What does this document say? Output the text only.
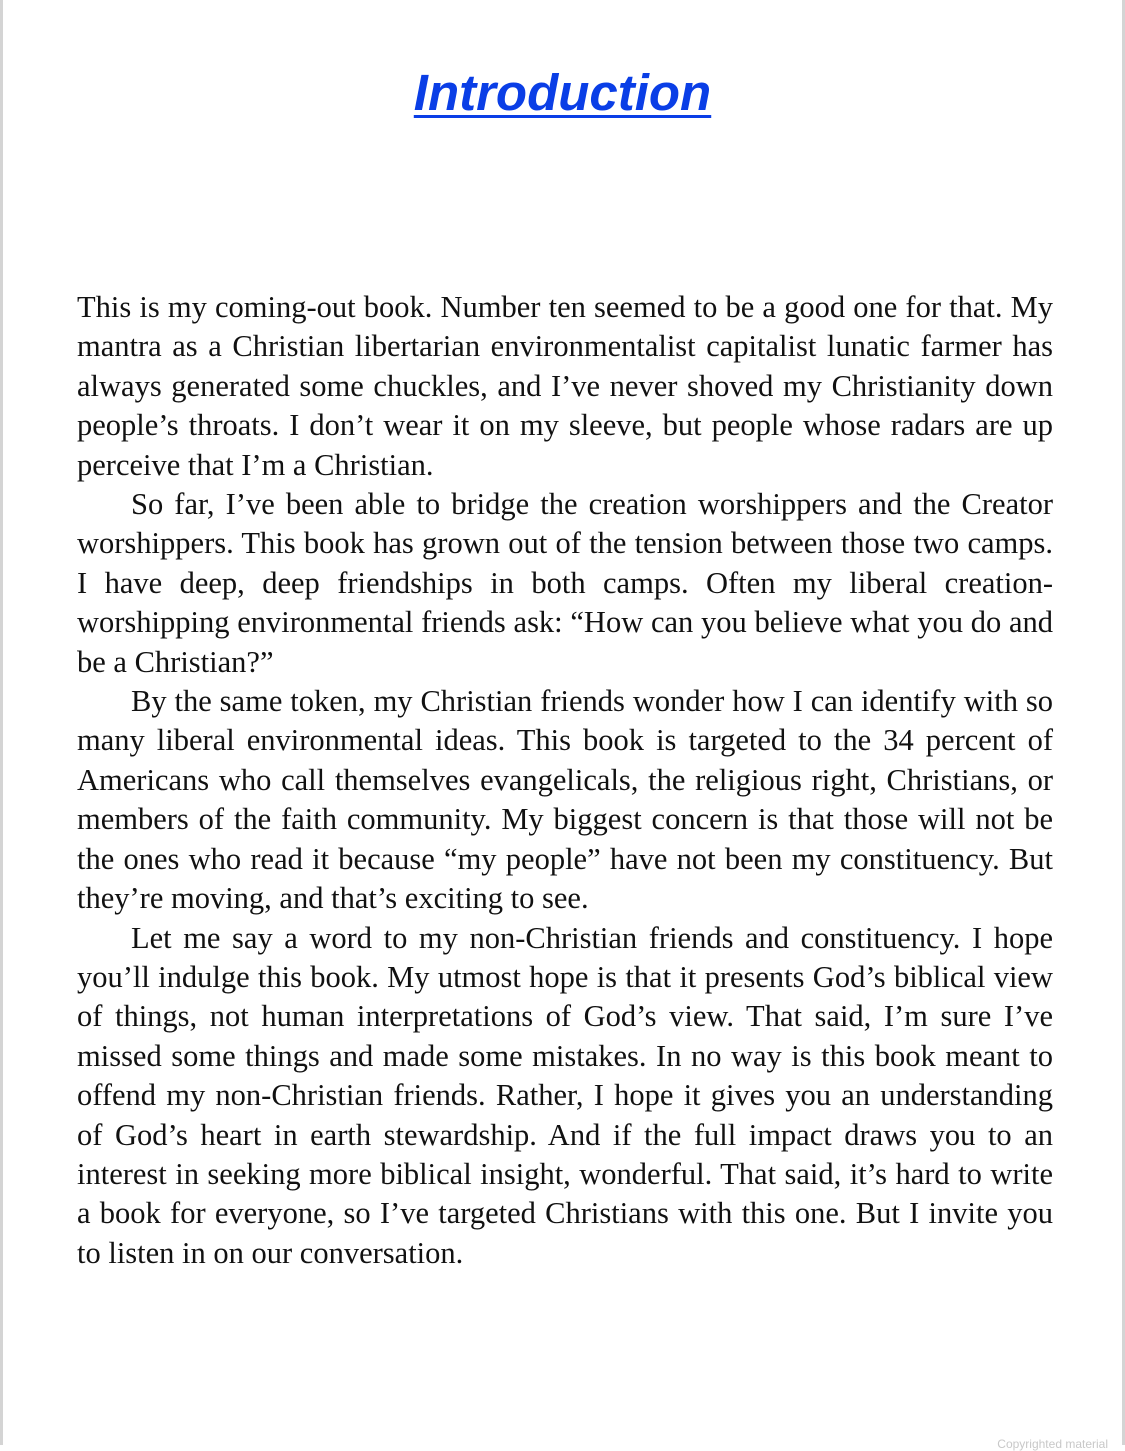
Introduction

This is my coming-out book. Number ten seemed to be a good one for that. My mantra as a Christian libertarian environmentalist capitalist lunatic farmer has always generated some chuckles, and I’ve never shoved my Christianity down people’s throats. I don’t wear it on my sleeve, but people whose radars are up perceive that I’m a Christian.

So far, I’ve been able to bridge the creation worshippers and the Creator worshippers. This book has grown out of the tension between those two camps. I have deep, deep friendships in both camps. Often my liberal creation-worshipping environmental friends ask: “How can you believe what you do and be a Christian?”

By the same token, my Christian friends wonder how I can identify with so many liberal environmental ideas. This book is targeted to the 34 percent of Americans who call themselves evangelicals, the religious right, Christians, or members of the faith community. My biggest concern is that those will not be the ones who read it because “my people” have not been my constituency. But they’re moving, and that’s exciting to see.

Let me say a word to my non-Christian friends and constituency. I hope you’ll indulge this book. My utmost hope is that it presents God’s biblical view of things, not human interpretations of God’s view. That said, I’m sure I’ve missed some things and made some mistakes. In no way is this book meant to offend my non-Christian friends. Rather, I hope it gives you an understanding of God’s heart in earth stewardship. And if the full impact draws you to an interest in seeking more biblical insight, wonderful. That said, it’s hard to write a book for everyone, so I’ve targeted Christians with this one. But I invite you to listen in on our conversation.

Copyrighted material
